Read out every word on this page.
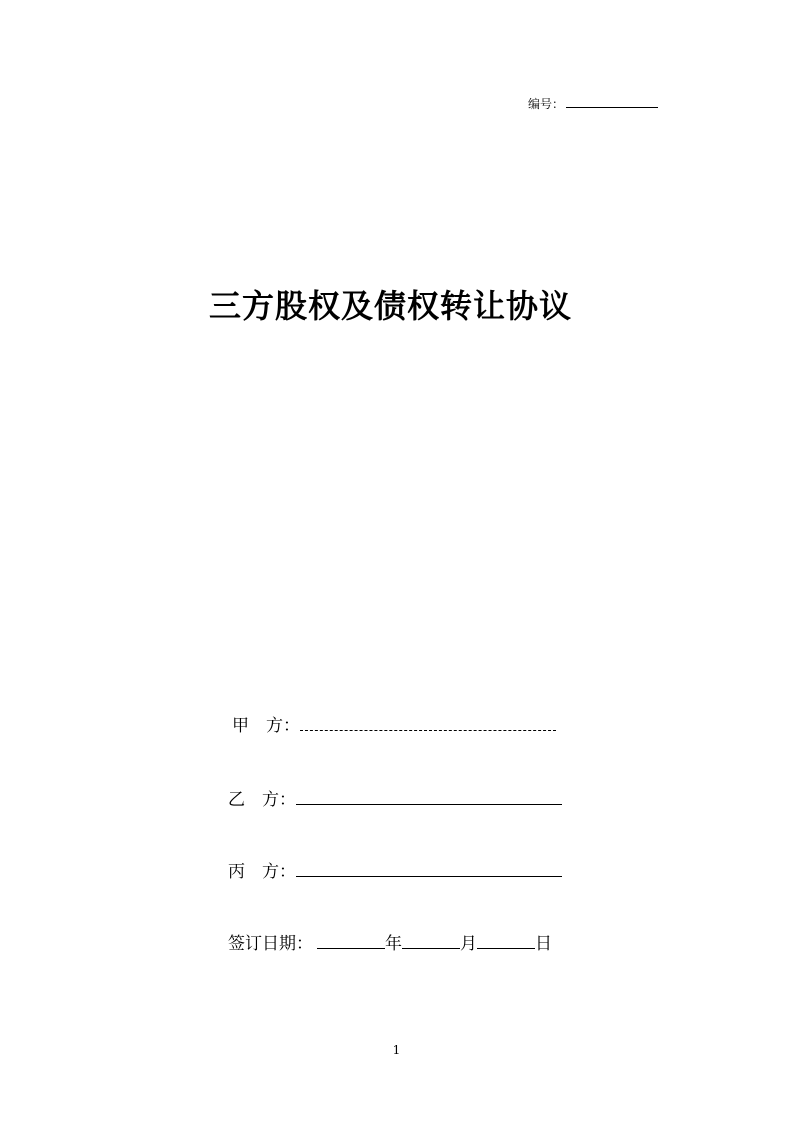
编号：
三方股权及债权转让协议
甲　方：
乙　方：
丙　方：
签订日期：	年	月	日
1
